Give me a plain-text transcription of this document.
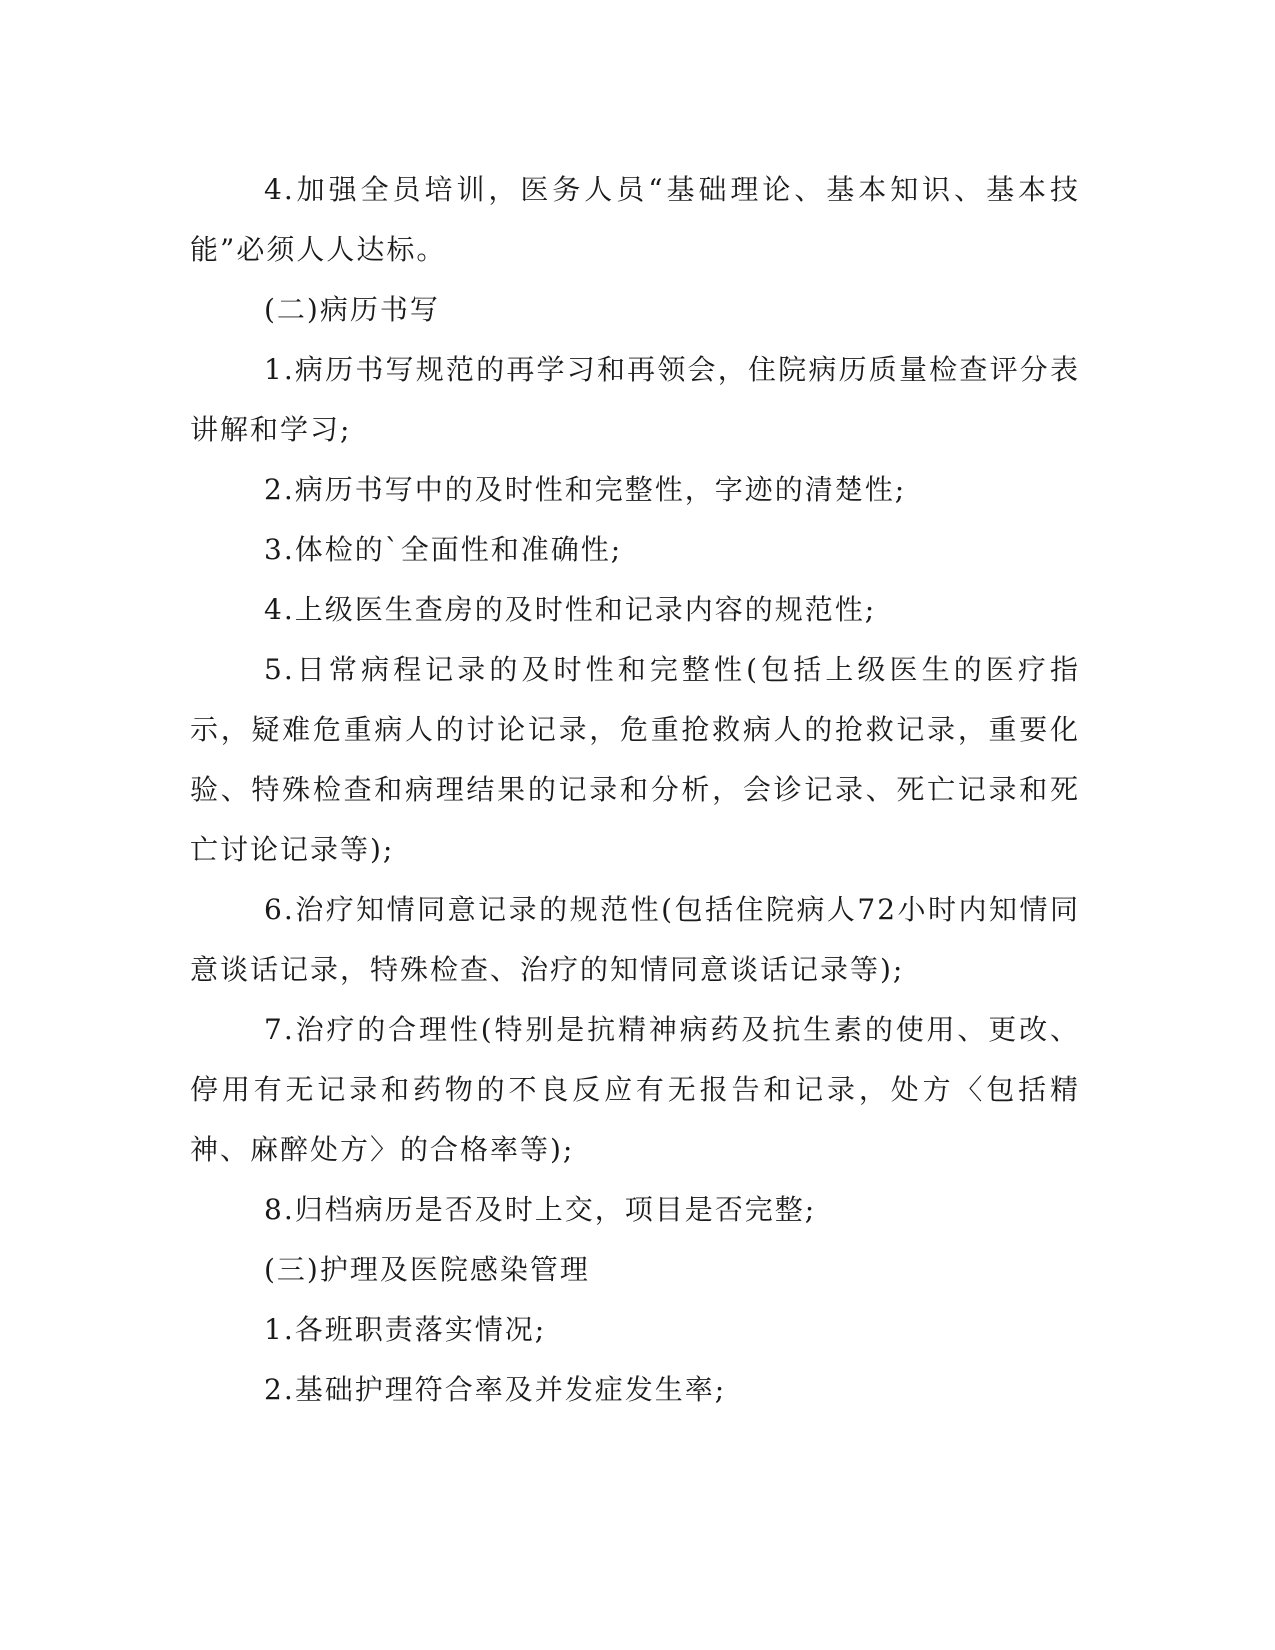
4.加强全员培训，医务人员“基础理论、基本知识、基本技能”必须人人达标。

(二)病历书写

1.病历书写规范的再学习和再领会，住院病历质量检查评分表讲解和学习;

2.病历书写中的及时性和完整性，字迹的清楚性;

3.体检的`全面性和准确性;

4.上级医生查房的及时性和记录内容的规范性;

5.日常病程记录的及时性和完整性(包括上级医生的医疗指示，疑难危重病人的讨论记录，危重抢救病人的抢救记录，重要化验、特殊检查和病理结果的记录和分析，会诊记录、死亡记录和死亡讨论记录等);

6.治疗知情同意记录的规范性(包括住院病人72小时内知情同意谈话记录，特殊检查、治疗的知情同意谈话记录等);

7.治疗的合理性(特别是抗精神病药及抗生素的使用、更改、停用有无记录和药物的不良反应有无报告和记录，处方〈包括精神、麻醉处方〉的合格率等);

8.归档病历是否及时上交，项目是否完整;

(三)护理及医院感染管理

1.各班职责落实情况;

2.基础护理符合率及并发症发生率;
